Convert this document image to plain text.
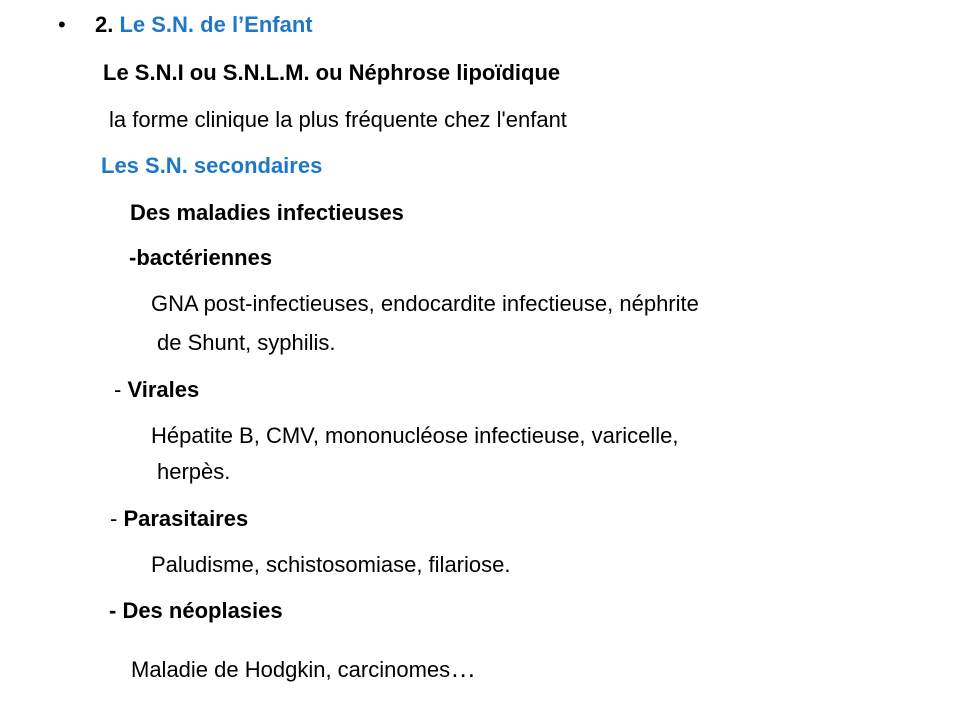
• 2. Le S.N. de l’Enfant
Le S.N.I ou S.N.L.M. ou Néphrose lipoïdique
la forme clinique la plus fréquente chez l'enfant
Les S.N. secondaires
Des maladies infectieuses
-bactériennes
GNA post-infectieuses, endocardite infectieuse, néphrite
de Shunt, syphilis.
- Virales
Hépatite B, CMV, mononucléose infectieuse, varicelle,
herpès.
- Parasitaires
Paludisme, schistosomiase, filariose.
- Des néoplasies
Maladie de Hodgkin, carcinomes…
